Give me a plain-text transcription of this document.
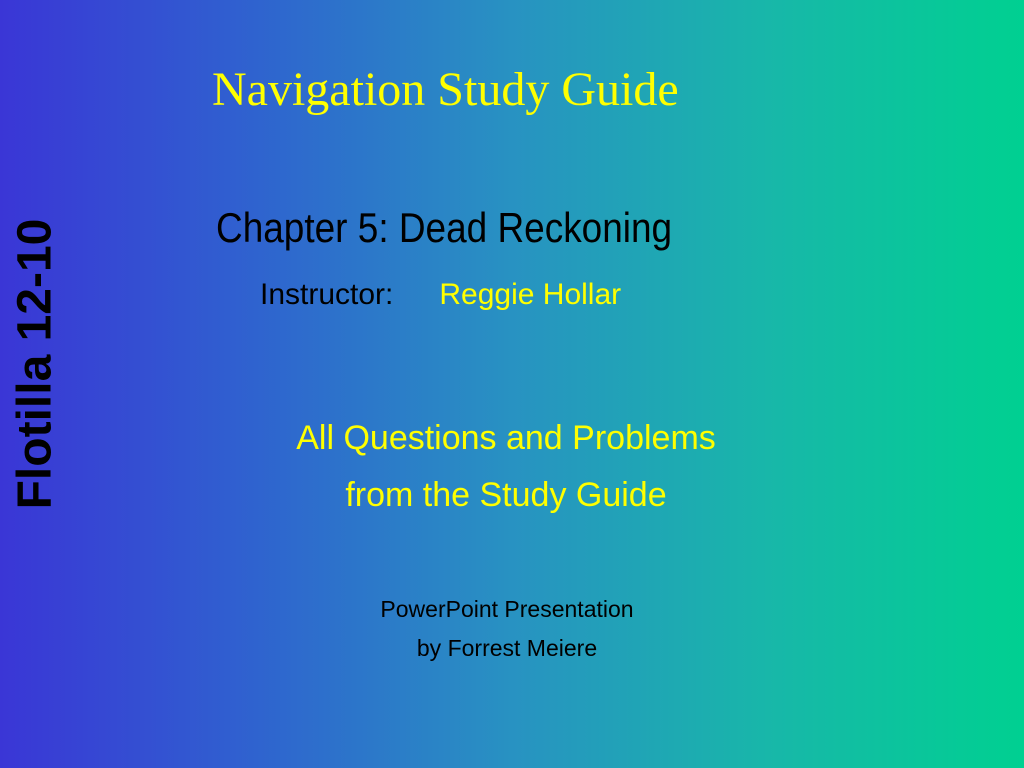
Flotilla 12-10
Navigation Study Guide
Chapter 5: Dead Reckoning
Instructor: Reggie Hollar
All Questions and Problems
from the Study Guide
PowerPoint Presentation
by Forrest Meiere
